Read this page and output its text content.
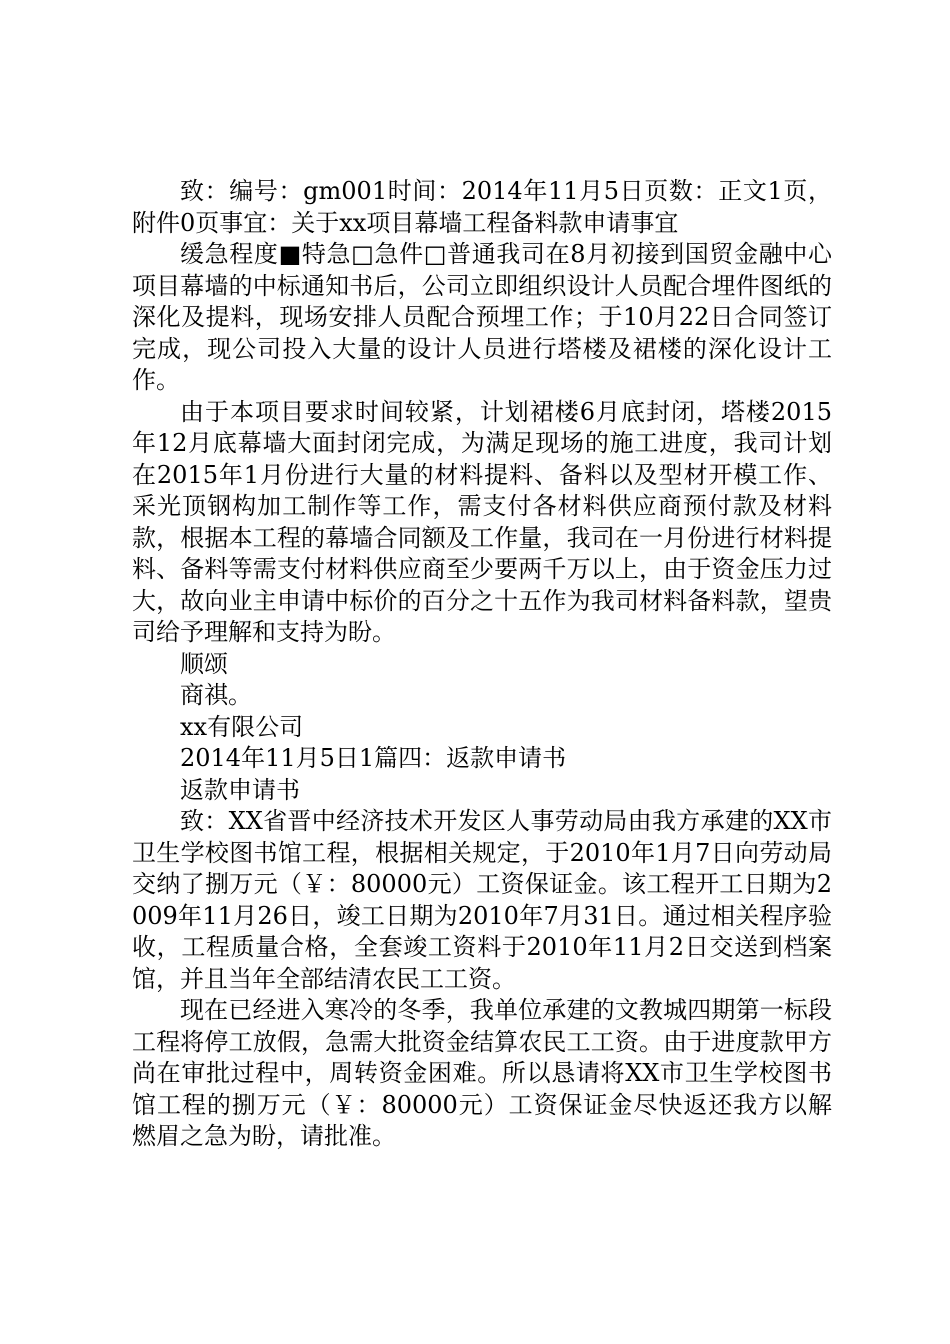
致：编号：gm001时间：2014年11月5日页数：正文1页，附件0页事宜：关于xx项目幕墙工程备料款申请事宜

缓急程度■特急□急件□普通我司在8月初接到国贸金融中心项目幕墙的中标通知书后，公司立即组织设计人员配合埋件图纸的深化及提料，现场安排人员配合预埋工作；于10月22日合同签订完成，现公司投入大量的设计人员进行塔楼及裙楼的深化设计工作。

由于本项目要求时间较紧，计划裙楼6月底封闭，塔楼2015年12月底幕墙大面封闭完成，为满足现场的施工进度，我司计划在2015年1月份进行大量的材料提料、备料以及型材开模工作、采光顶钢构加工制作等工作，需支付各材料供应商预付款及材料款，根据本工程的幕墙合同额及工作量，我司在一月份进行材料提料、备料等需支付材料供应商至少要两千万以上，由于资金压力过大，故向业主申请中标价的百分之十五作为我司材料备料款，望贵司给予理解和支持为盼。

顺颂

商祺。

xx有限公司

2014年11月5日1篇四：返款申请书

返款申请书

致：XX省晋中经济技术开发区人事劳动局由我方承建的XX市卫生学校图书馆工程，根据相关规定，于2010年1月7日向劳动局交纳了捌万元（￥：80000元）工资保证金。该工程开工日期为2009年11月26日，竣工日期为2010年7月31日。通过相关程序验收，工程质量合格，全套竣工资料于2010年11月2日交送到档案馆，并且当年全部结清农民工工资。

现在已经进入寒冷的冬季，我单位承建的文教城四期第一标段工程将停工放假，急需大批资金结算农民工工资。由于进度款甲方尚在审批过程中，周转资金困难。所以恳请将XX市卫生学校图书馆工程的捌万元（￥：80000元）工资保证金尽快返还我方以解燃眉之急为盼，请批准。
